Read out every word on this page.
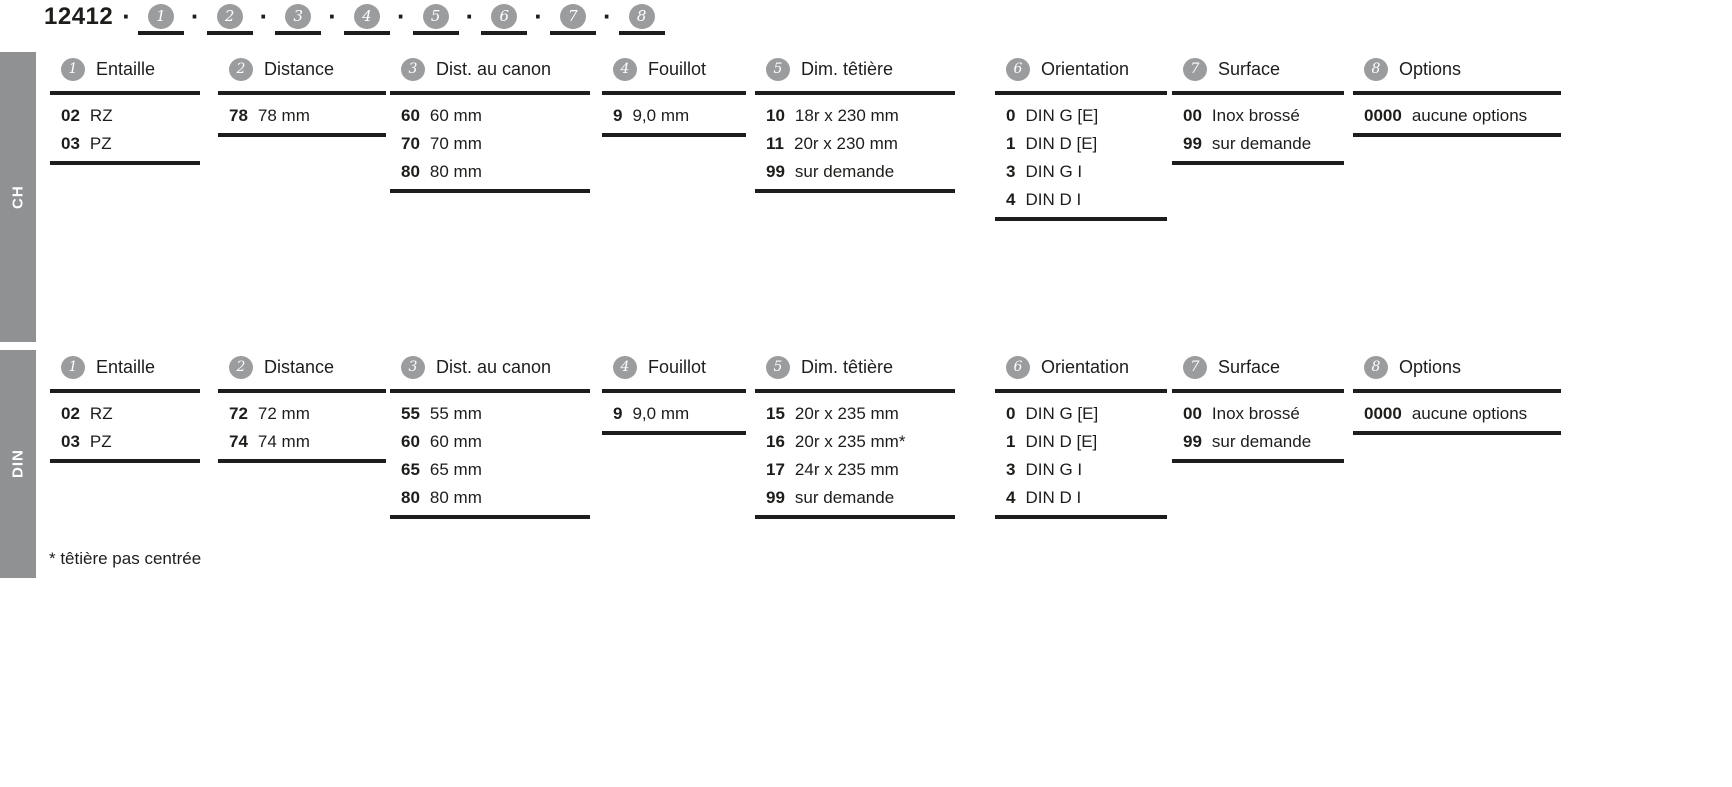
12412 · 1 · 2 · 3 · 4 · 5 · 6 · 7 · 8
CH
1 Entaille
02 RZ
03 PZ
2 Distance
78 78 mm
3 Dist. au canon
60 60 mm
70 70 mm
80 80 mm
4 Fouillot
9 9,0 mm
5 Dim. têtière
10 18r x 230 mm
11 20r x 230 mm
99 sur demande
6 Orientation
0 DIN G [E]
1 DIN D [E]
3 DIN G I
4 DIN D I
7 Surface
00 Inox brossé
99 sur demande
8 Options
0000 aucune options
DIN
1 Entaille
02 RZ
03 PZ
2 Distance
72 72 mm
74 74 mm
3 Dist. au canon
55 55 mm
60 60 mm
65 65 mm
80 80 mm
4 Fouillot
9 9,0 mm
5 Dim. têtière
15 20r x 235 mm
16 20r x 235 mm*
17 24r x 235 mm
99 sur demande
6 Orientation
0 DIN G [E]
1 DIN D [E]
3 DIN G I
4 DIN D I
7 Surface
00 Inox brossé
99 sur demande
8 Options
0000 aucune options
* têtière pas centrée
